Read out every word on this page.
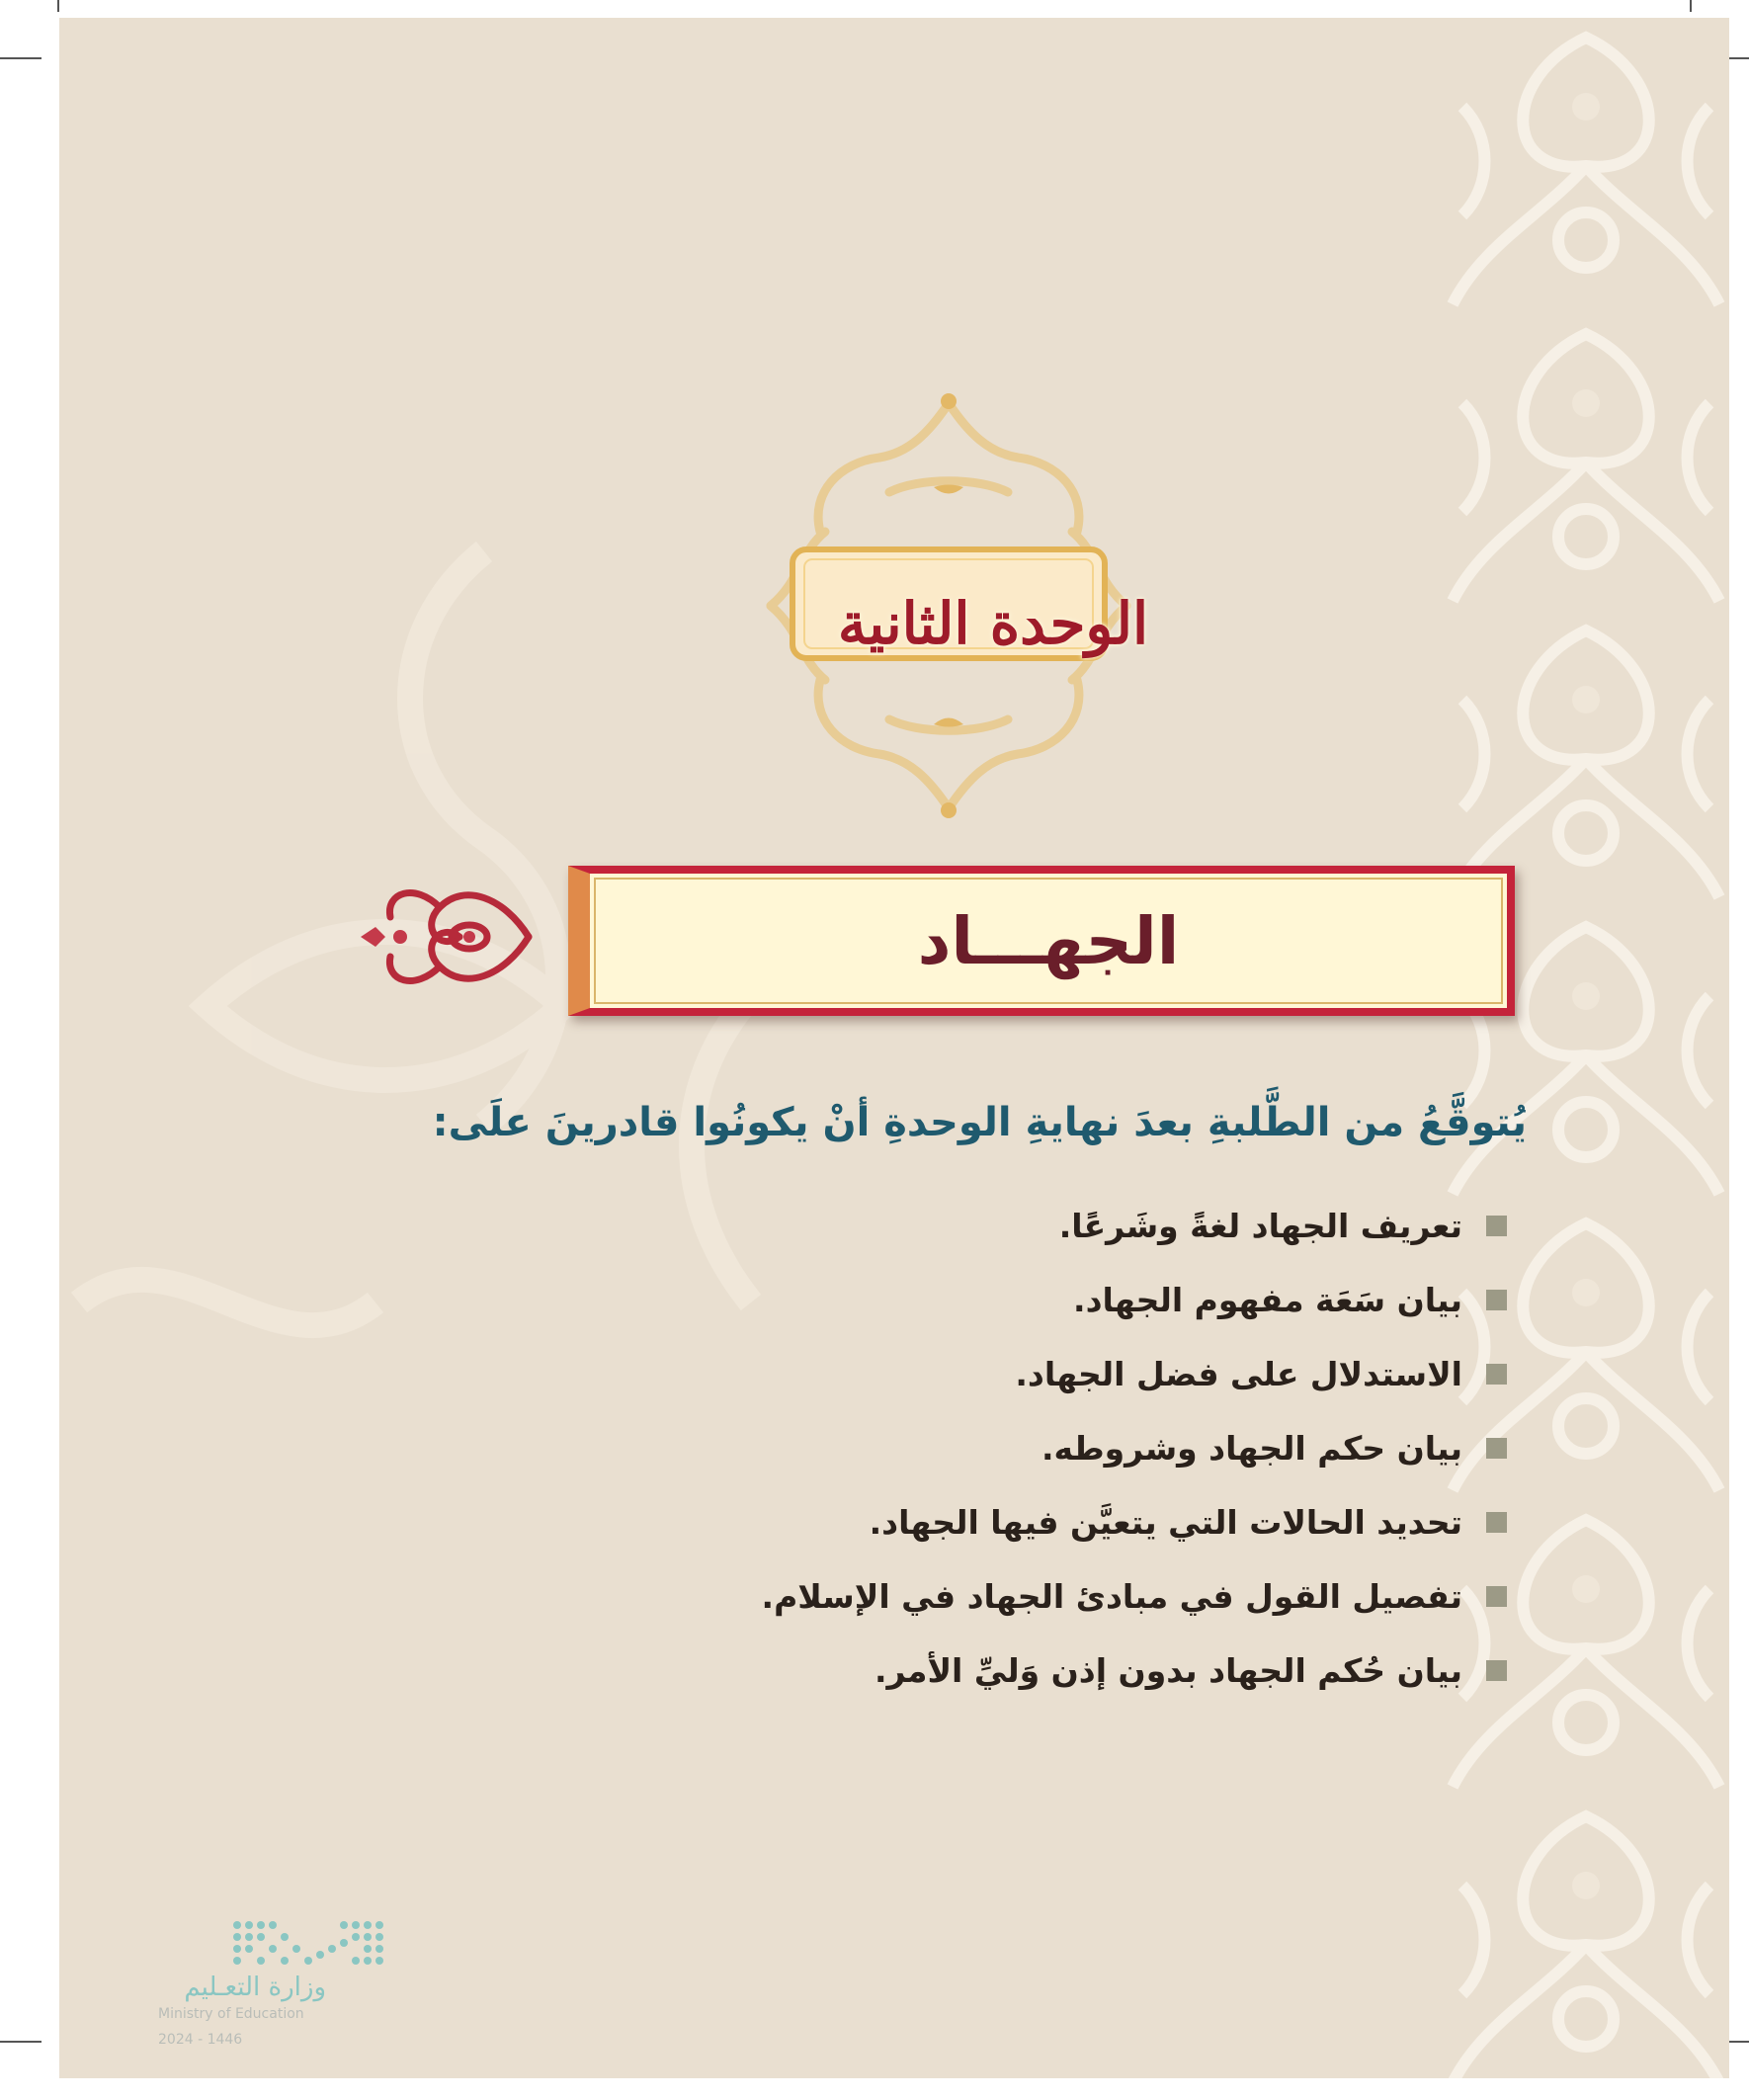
الوحدة الثانية
الجهـــاد
يُتوقَّعُ من الطَّلبةِ بعدَ نهايةِ الوحدةِ أنْ يكونُوا قادرينَ علَى:
تعريف الجهاد لغةً وشَرعًا.
بيان سَعَة مفهوم الجهاد.
الاستدلال على فضل الجهاد.
بيان حكم الجهاد وشروطه.
تحديد الحالات التي يتعيَّن فيها الجهاد.
تفصيل القول في مبادئ الجهاد في الإسلام.
بيان حُكم الجهاد بدون إذن وَليِّ الأمر.
وزارة التعـليم
Ministry of Education
2024 - 1446
